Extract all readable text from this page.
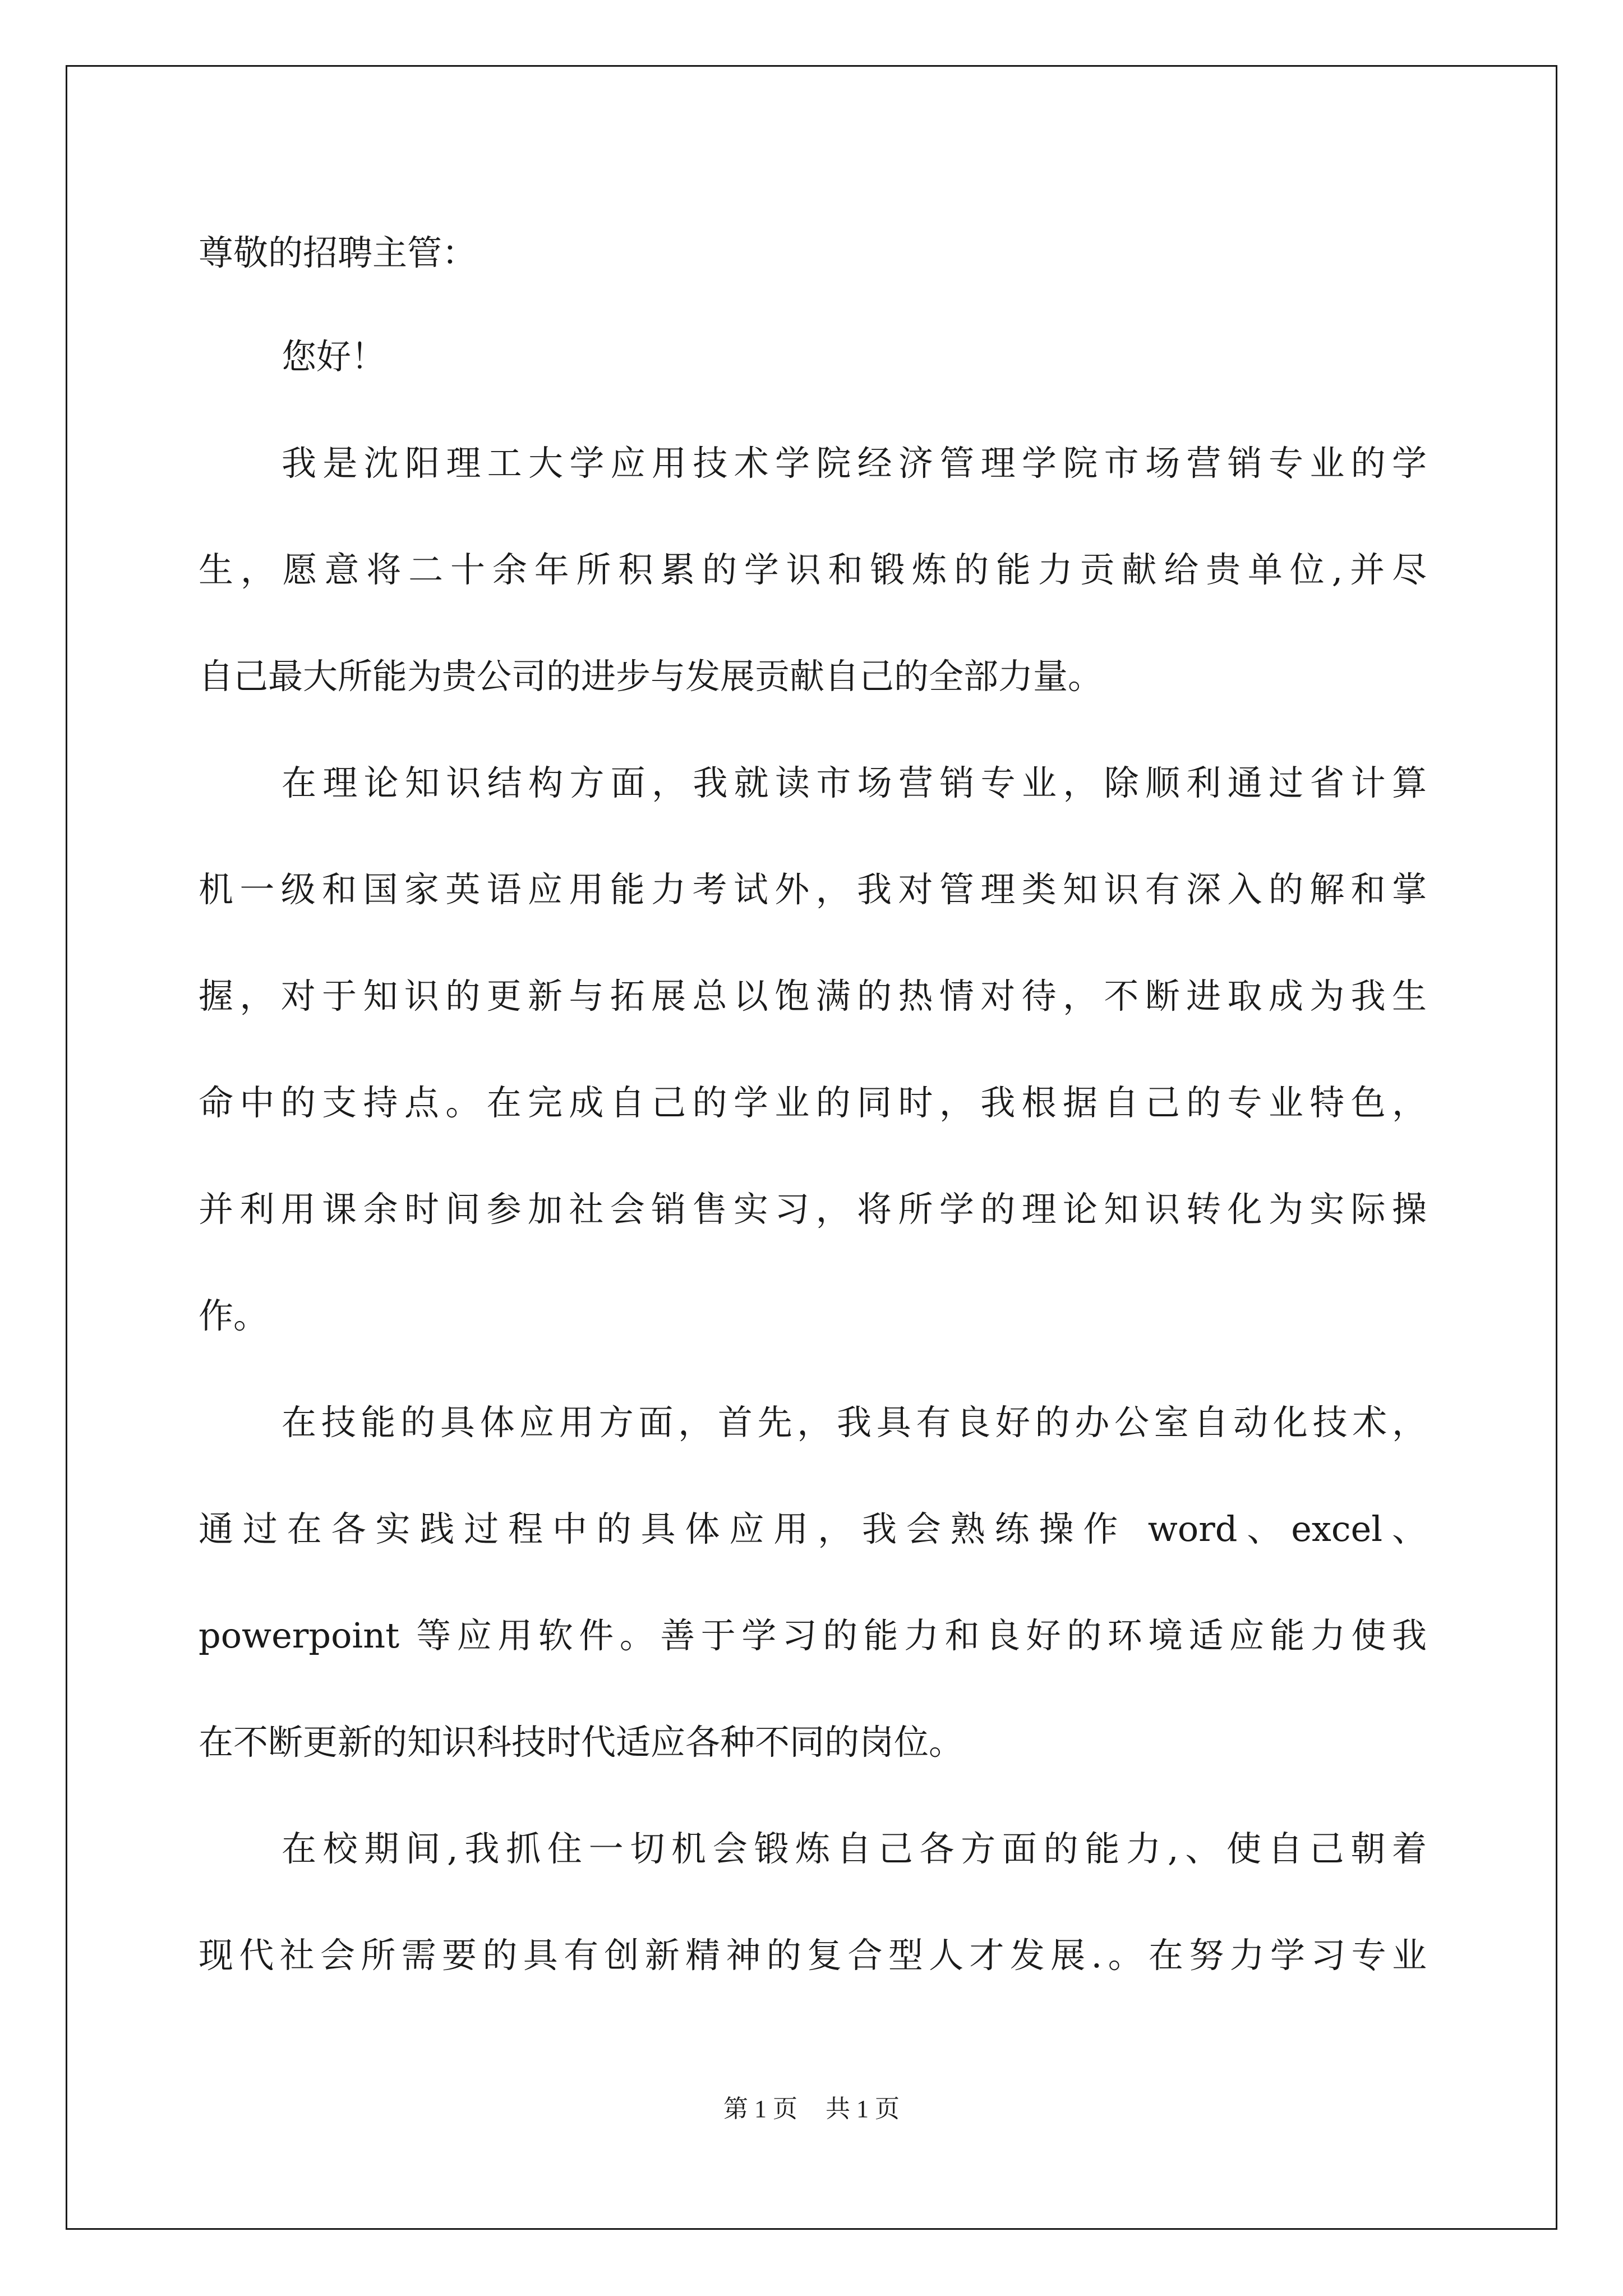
尊敬的招聘主管：
您好！
我是沈阳理工大学应用技术学院经济管理学院市场营销专业的学
生，愿意将二十余年所积累的学识和锻炼的能力贡献给贵单位,并尽
自己最大所能为贵公司的进步与发展贡献自己的全部力量。
在理论知识结构方面，我就读市场营销专业，除顺利通过省计算
机一级和国家英语应用能力考试外，我对管理类知识有深入的解和掌
握，对于知识的更新与拓展总以饱满的热情对待，不断进取成为我生
命中的支持点。在完成自己的学业的同时，我根据自己的专业特色，
并利用课余时间参加社会销售实习，将所学的理论知识转化为实际操
作。
在技能的具体应用方面，首先，我具有良好的办公室自动化技术，
通过在各实践过程中的具体应用，我会熟练操作 word、excel、
powerpoint 等应用软件。善于学习的能力和良好的环境适应能力使我
在不断更新的知识科技时代适应各种不同的岗位。
在校期间,我抓住一切机会锻炼自己各方面的能力,、使自己朝着
现代社会所需要的具有创新精神的复合型人才发展.。在努力学习专业
第 1 页 共 1 页
